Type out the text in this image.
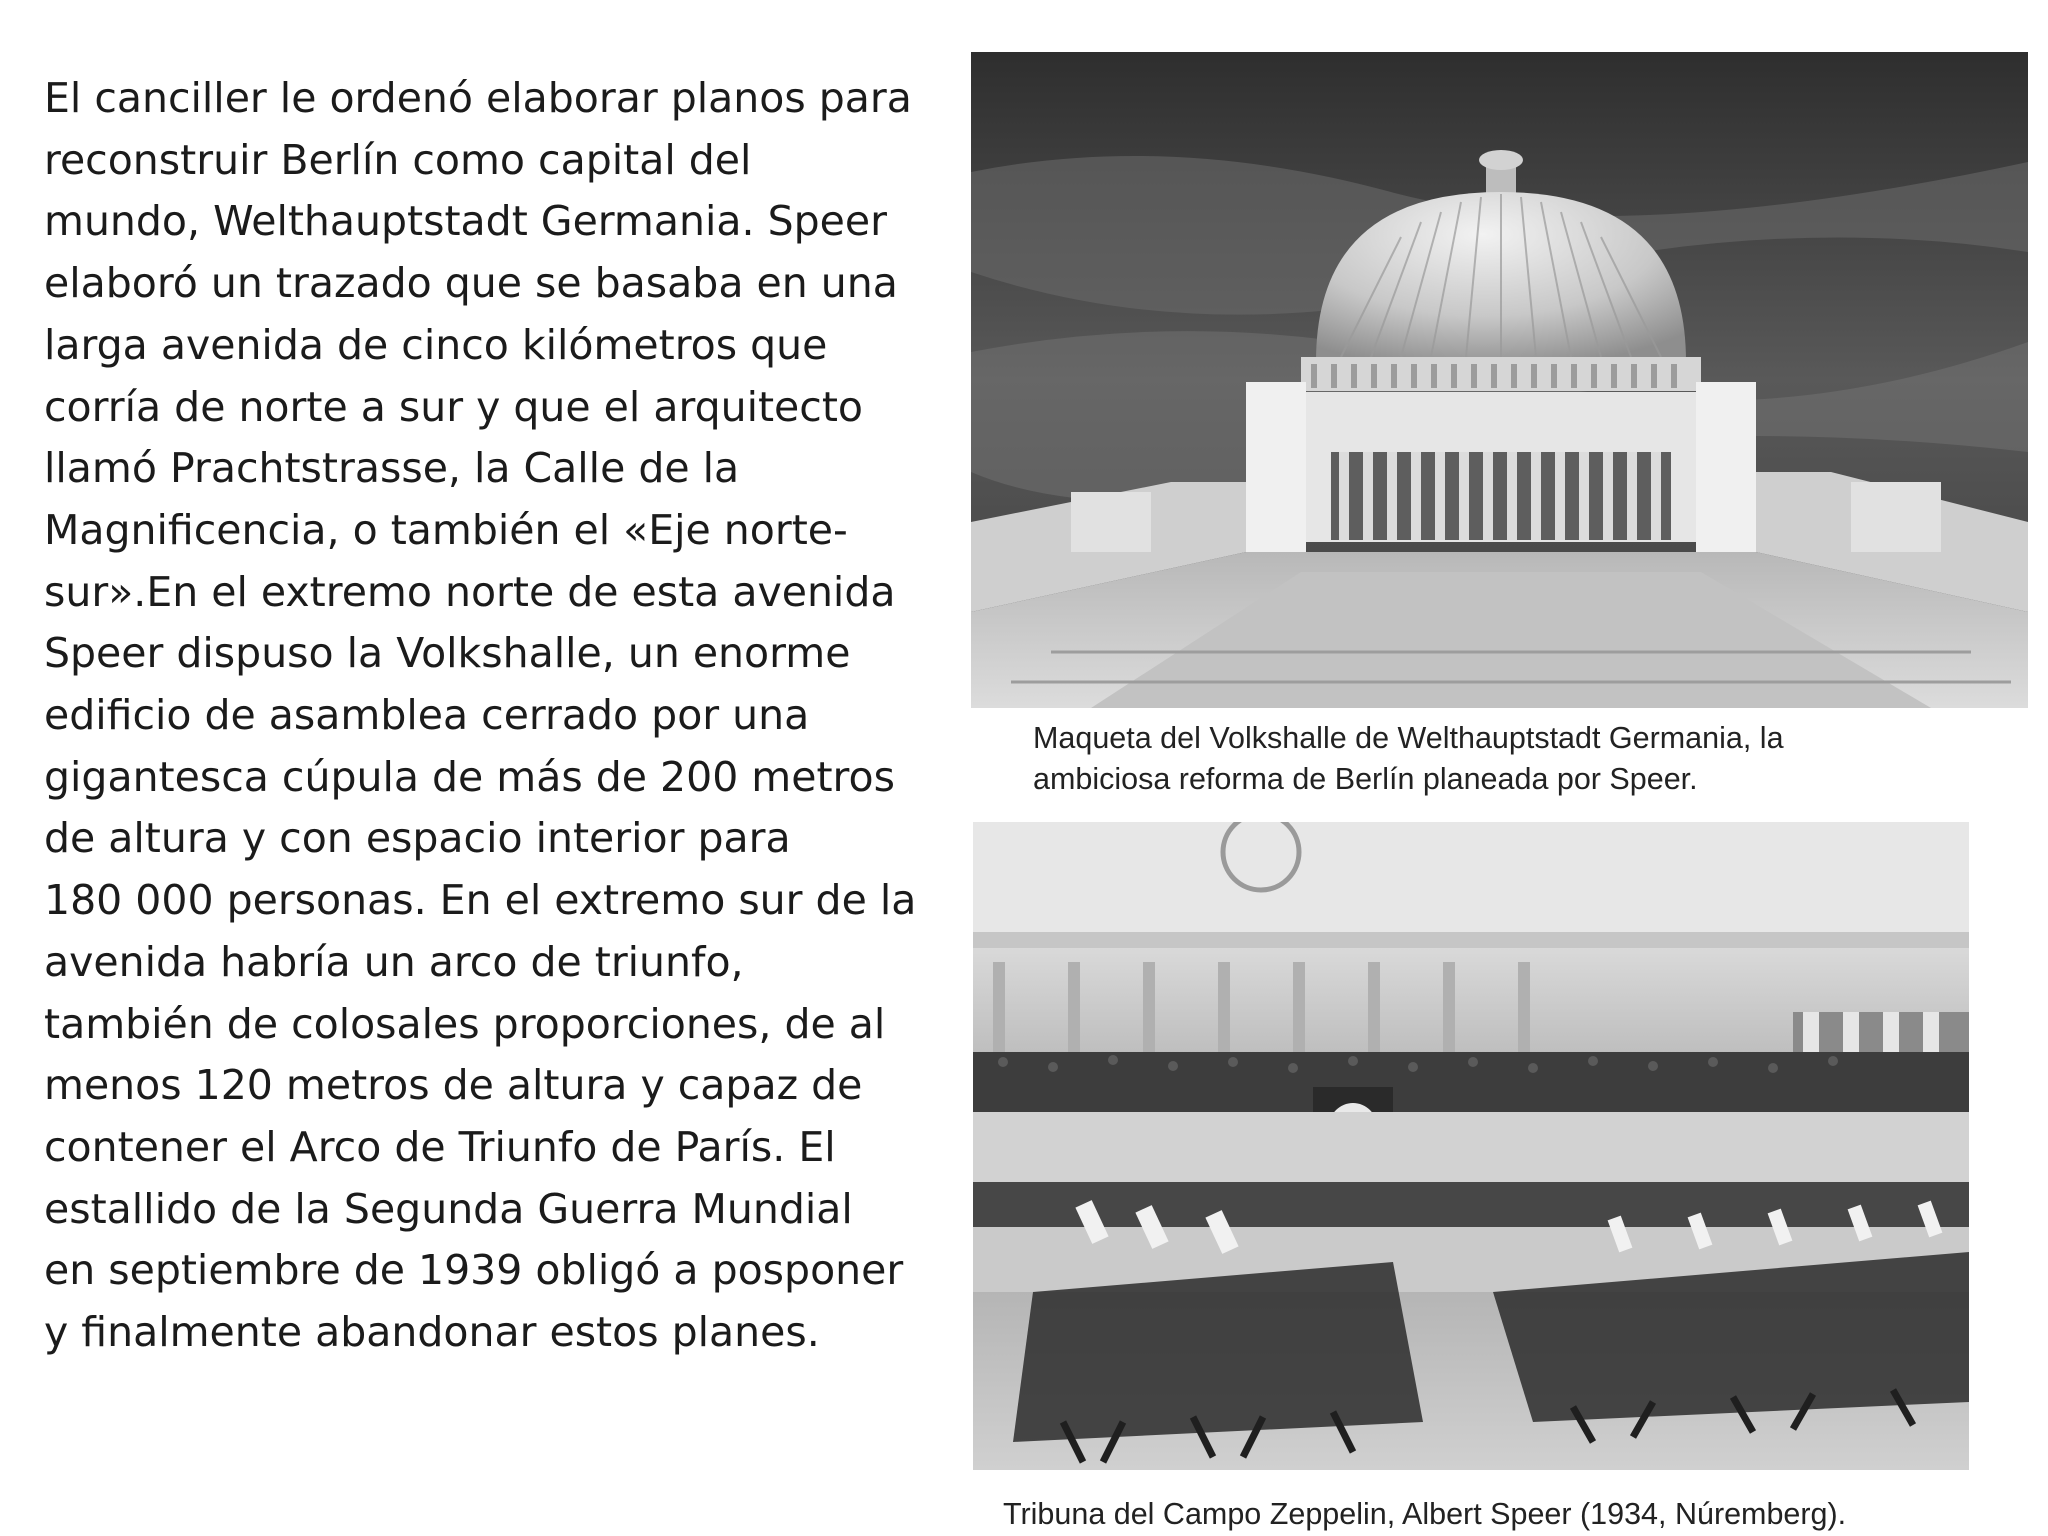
El canciller le ordenó elaborar planos para
reconstruir Berlín como capital del
mundo, Welthauptstadt Germania. Speer
elaboró un trazado que se basaba en una
larga avenida de cinco kilómetros que
corría de norte a sur y que el arquitecto
llamó Prachtstrasse, la Calle de la
Magnificencia, o también el «Eje norte-
sur».En el extremo norte de esta avenida
Speer dispuso la Volkshalle, un enorme
edificio de asamblea cerrado por una
gigantesca cúpula de más de 200 metros
de altura y con espacio interior para
180 000 personas. En el extremo sur de la
avenida habría un arco de triunfo,
también de colosales proporciones, de al
menos 120 metros de altura y capaz de
contener el Arco de Triunfo de París. El
estallido de la Segunda Guerra Mundial
en septiembre de 1939 obligó a posponer
y finalmente abandonar estos planes.

Maqueta del Volkshalle de Welthauptstadt Germania, la
ambiciosa reforma de Berlín planeada por Speer.

Tribuna del Campo Zeppelin, Albert Speer (1934, Núremberg).
